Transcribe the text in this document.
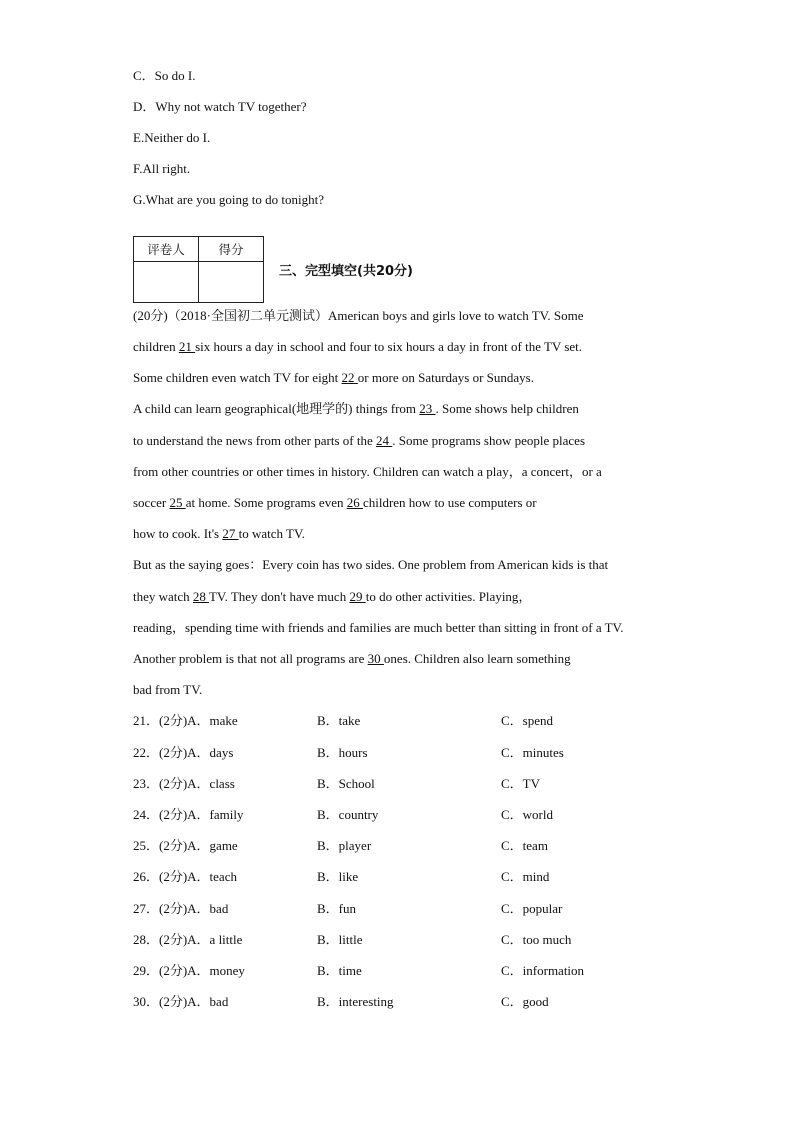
C．So do I.
D．Why not watch TV together?
E.Neither do I.
F.All right.
G.What are you going to do tonight?
评卷人	得分

三、完型填空(共20分)
(20分)（2018·全国初二单元测试）American boys and girls love to watch TV. Some
children 21 six hours a day in school and four to six hours a day in front of the TV set.
Some children even watch TV for eight 22 or more on Saturdays or Sundays.
A child can learn geographical(地理学的) things from 23 . Some shows help children
to understand the news from other parts of the 24 . Some programs show people places
from other countries or other times in history. Children can watch a play，a concert，or a
soccer 25 at home. Some programs even 26 children how to use computers or
how to cook. It's 27 to watch TV.
But as the saying goes：Every coin has two sides. One problem from American kids is that
they watch 28 TV. They don't have much 29 to do other activities. Playing，
reading，spending time with friends and families are much better than sitting in front of a TV.
Another problem is that not all programs are 30 ones. Children also learn something
bad from TV.
21．(2分)A．make	B．take	C．spend
22．(2分)A．days	B．hours	C．minutes
23．(2分)A．class	B．School	C．TV
24．(2分)A．family	B．country	C．world
25．(2分)A．game	B．player	C．team
26．(2分)A．teach	B．like	C．mind
27．(2分)A．bad	B．fun	C．popular
28．(2分)A．a little	B．little	C．too much
29．(2分)A．money	B．time	C．information
30．(2分)A．bad	B．interesting	C．good
